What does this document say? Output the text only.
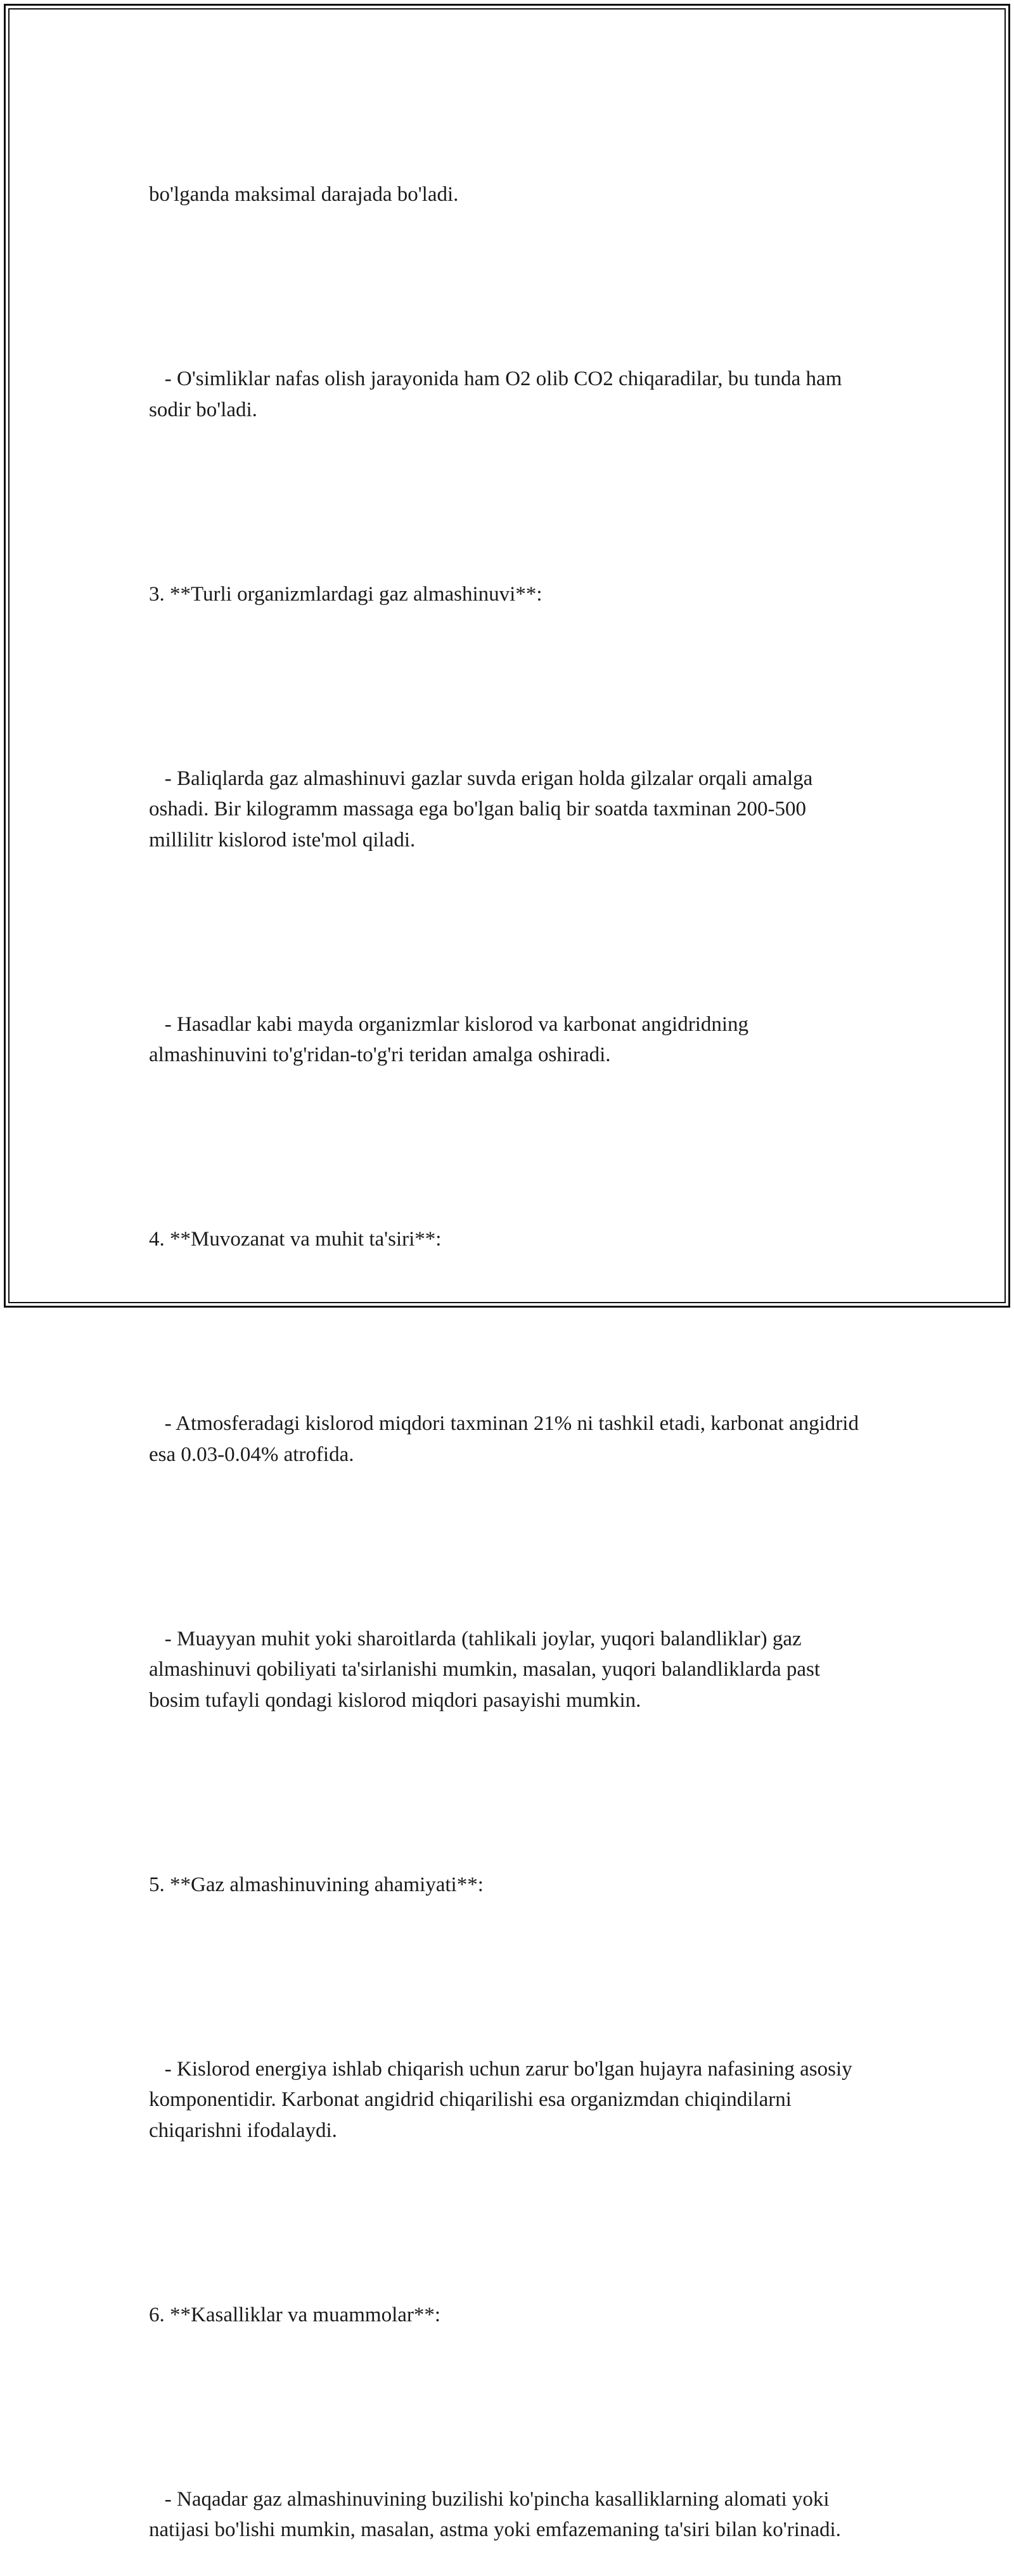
bo'lganda maksimal darajada bo'ladi.

- O'simliklar nafas olish jarayonida ham O2 olib CO2 chiqaradilar, bu tunda ham sodir bo'ladi.

3. **Turli organizmlardagi gaz almashinuvi**:

- Baliqlarda gaz almashinuvi gazlar suvda erigan holda gilzalar orqali amalga oshadi. Bir kilogramm massaga ega bo'lgan baliq bir soatda taxminan 200-500 millilitr kislorod iste'mol qiladi.

- Hasadlar kabi mayda organizmlar kislorod va karbonat angidridning almashinuvini to'g'ridan-to'g'ri teridan amalga oshiradi.

4. **Muvozanat va muhit ta'siri**:

- Atmosferadagi kislorod miqdori taxminan 21% ni tashkil etadi, karbonat angidrid esa 0.03-0.04% atrofida.

- Muayyan muhit yoki sharoitlarda (tahlikali joylar, yuqori balandliklar) gaz almashinuvi qobiliyati ta'sirlanishi mumkin, masalan, yuqori balandliklarda past bosim tufayli qondagi kislorod miqdori pasayishi mumkin.

5. **Gaz almashinuvining ahamiyati**:

- Kislorod energiya ishlab chiqarish uchun zarur bo'lgan hujayra nafasining asosiy komponentidir. Karbonat angidrid chiqarilishi esa organizmdan chiqindilarni chiqarishni ifodalaydi.

6. **Kasalliklar va muammolar**:

- Naqadar gaz almashinuvining buzilishi ko'pincha kasalliklarning alomati yoki natijasi bo'lishi mumkin, masalan, astma yoki emfazemaning ta'siri bilan ko'rinadi.
